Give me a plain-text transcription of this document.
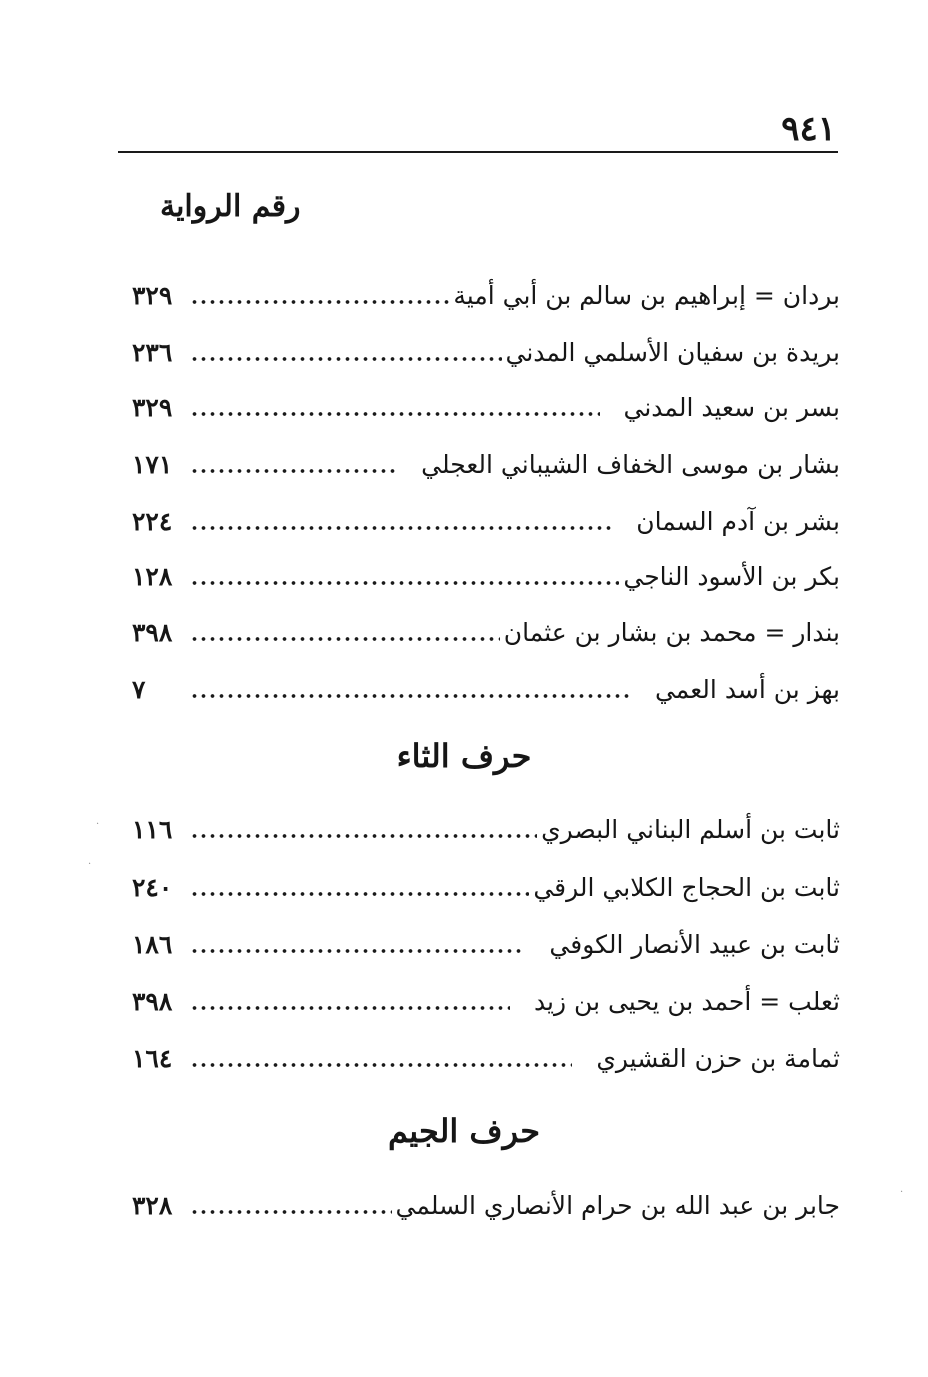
٩٤١
رقم الرواية
بردان = إبراهيم بن سالم بن أبي أمية
٣٢٩
بريدة بن سفيان الأسلمي المدني
٢٣٦
بسر بن سعيد المدني
٣٢٩
بشار بن موسى الخفاف الشيباني العجلي
١٧١
بشر بن آدم السمان
٢٢٤
بكر بن الأسود الناجي
١٢٨
بندار = محمد بن بشار بن عثمان
٣٩٨
بهز بن أسد العمي
٧
حرف الثاء
ثابت بن أسلم البناني البصري
١١٦
ثابت بن الحجاج الكلابي الرقي
٢٤٠
ثابت بن عبيد الأنصار الكوفي
١٨٦
ثعلب = أحمد بن يحيى بن زيد
٣٩٨
ثمامة بن حزن القشيري
١٦٤
حرف الجيم
جابر بن عبد الله بن حرام الأنصاري السلمي
٣٢٨
·
·
·
